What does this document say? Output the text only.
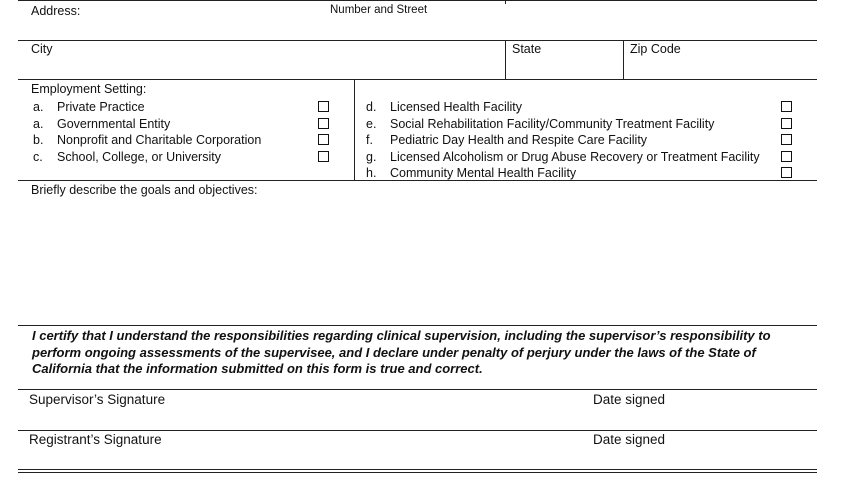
Address:	Number and Street
City	State	Zip Code
Employment Setting:
a. Private Practice
a. Governmental Entity
b. Nonprofit and Charitable Corporation
c. School, College, or University
d. Licensed Health Facility
e. Social Rehabilitation Facility/Community Treatment Facility
f. Pediatric Day Health and Respite Care Facility
g. Licensed Alcoholism or Drug Abuse Recovery or Treatment Facility
h. Community Mental Health Facility
Briefly describe the goals and objectives:
I certify that I understand the responsibilities regarding clinical supervision, including the supervisor’s responsibility to perform ongoing assessments of the supervisee, and I declare under penalty of perjury under the laws of the State of California that the information submitted on this form is true and correct.
Supervisor’s Signature	Date signed
Registrant’s Signature	Date signed
